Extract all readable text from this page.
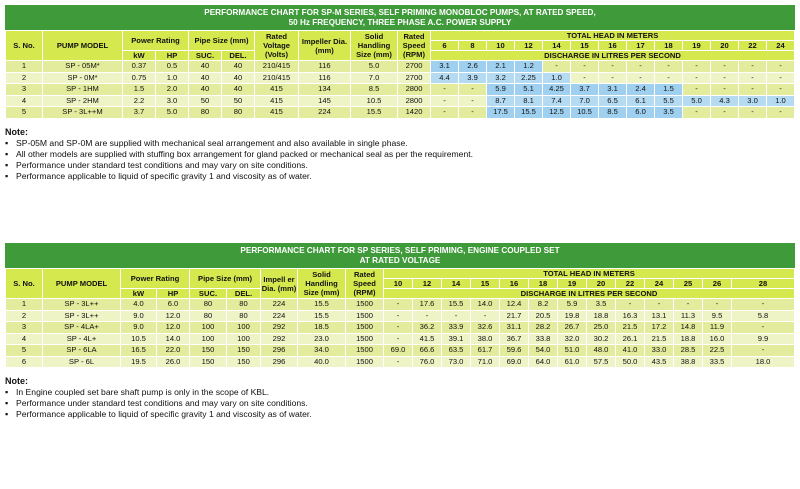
PERFORMANCE CHART FOR SP-M SERIES, SELF PRIMING MONOBLOC PUMPS, AT RATED SPEED,
50 Hz FREQUENCY, THREE PHASE A.C. POWER SUPPLY
S. No.	PUMP MODEL	Power Rating		Pipe Size (mm)		Rated Voltage (Volts)	Impeller Dia. (mm)	Solid Handling Size (mm)	Rated Speed (RPM)	TOTAL HEAD IN METERS												
										6	8	10	12	14	15	16	17	18	19	20	22	24
		kW	HP	SUC.	DEL.					DISCHARGE IN LITRES PER SECOND												
1	SP - 05M*	0.37	0.5	40	40	210/415	116	5.0	2700	3.1	2.6	2.1	1.2	-	-	-	-	-	-	-	-	-
2	SP - 0M*	0.75	1.0	40	40	210/415	116	7.0	2700	4.4	3.9	3.2	2.25	1.0	-	-	-	-	-	-	-	-
3	SP - 1HM	1.5	2.0	40	40	415	134	8.5	2800	-	-	5.9	5.1	4.25	3.7	3.1	2.4	1.5	-	-	-	-
4	SP - 2HM	2.2	3.0	50	50	415	145	10.5	2800	-	-	8.7	8.1	7.4	7.0	6.5	6.1	5.5	5.0	4.3	3.0	1.0
5	SP - 3L++M	3.7	5.0	80	80	415	224	15.5	1420	-	-	17.5	15.5	12.5	10.5	8.5	6.0	3.5	-	-	-	-
Note:
▪ SP-05M and SP-0M are supplied with mechanical seal arrangement and also available in single phase.
▪ All other models are supplied with stuffing box arrangement for gland packed or mechanical seal as per the requirement.
▪ Performance under standard test conditions and may vary on site conditions.
▪ Performance applicable to liquid of specific gravity 1 and viscosity as of water.
PERFORMANCE CHART FOR SP SERIES, SELF PRIMING, ENGINE COUPLED SET
AT RATED VOLTAGE
S. No.	PUMP MODEL	Power Rating		Pipe Size (mm)		Impell er Dia. (mm)	Solid Handling Size (mm)	Rated Speed (RPM)	TOTAL HEAD IN METERS												
									10	12	14	15	16	18	19	20	22	24	25	26	28
		kW	HP	SUC.	DEL.				DISCHARGE IN LITRES PER SECOND												
1	SP - 3L++	4.0	6.0	80	80	224	15.5	1500	-	17.6	15.5	14.0	12.4	8.2	5.9	3.5	-	-	-	-	-
2	SP - 3L++	9.0	12.0	80	80	224	15.5	1500	-	-	-	-	21.7	20.5	19.8	18.8	16.3	13.1	11.3	9.5	5.8
3	SP - 4LA+	9.0	12.0	100	100	292	18.5	1500	-	36.2	33.9	32.6	31.1	28.2	26.7	25.0	21.5	17.2	14.8	11.9	-
4	SP - 4L+	10.5	14.0	100	100	292	23.0	1500	-	41.5	39.1	38.0	36.7	33.8	32.0	30.2	26.1	21.5	18.8	16.0	9.9
5	SP - 6LA	16.5	22.0	150	150	296	34.0	1500	69.0	66.6	63.5	61.7	59.6	54.0	51.0	48.0	41.0	33.0	28.5	22.5	-
6	SP - 6L	19.5	26.0	150	150	296	40.0	1500	-	76.0	73.0	71.0	69.0	64.0	61.0	57.5	50.0	43.5	38.8	33.5	18.0
Note:
▪ In Engine coupled set bare shaft pump is only in the scope of KBL.
▪ Performance under standard test conditions and may vary on site conditions.
▪ Performance applicable to liquid of specific gravity 1 and viscosity as of water.
